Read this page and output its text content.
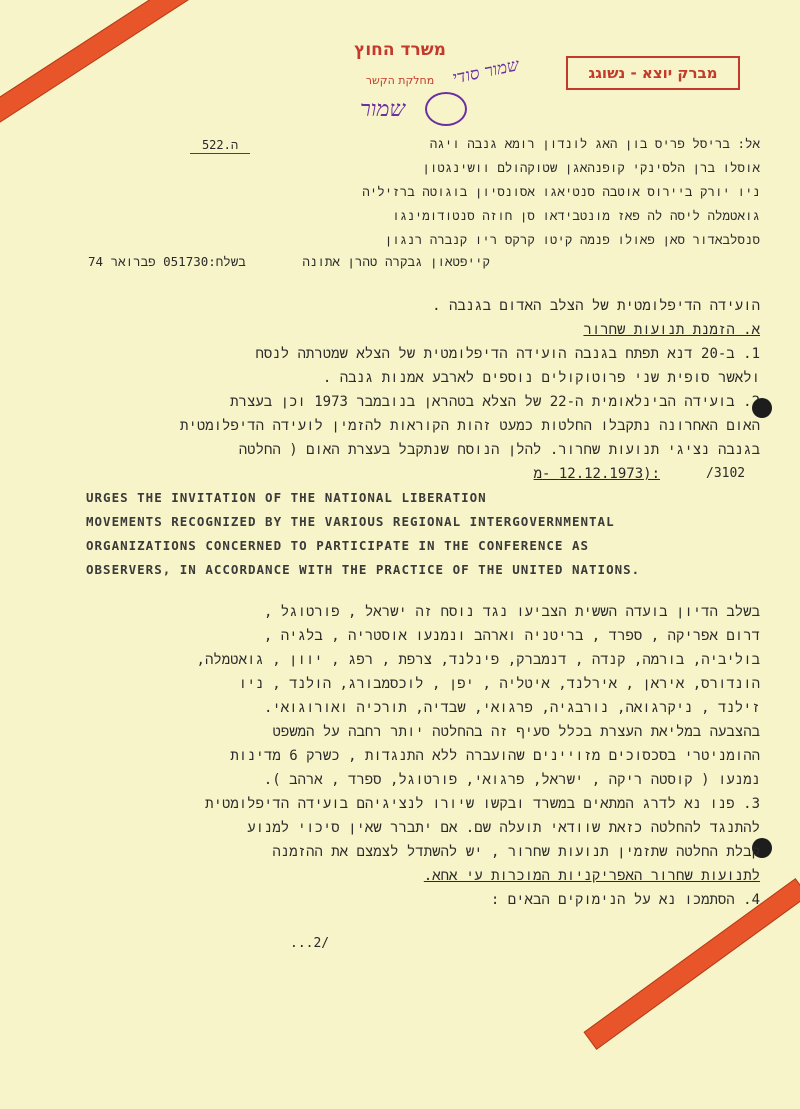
משרד החוץ
מחלקת הקשר	מברק יוצא - נשוגג
שמור סודי
שמור
ה.522	אל: בריסל פריס בון האג לונדון רומא גנבה ויגה
אוסלו ברן הלסינקי קופנהאגן שטוקהולם וושינגטון
ניו יורק ביירוס אוטבה סנטיאגו אסונסיון בוגוטה ברזיליה
גואטמלה ליסה לה פאז מונטבידאו סן חוזה סנטודומינגו
סנסלבאדור סאן פאולו פנמה קיטו קרקס ריו קנברה רנגון
קייפטאון גבקרה טהרן אתונה
בשלח:051730 פברואר 74
הועידה הדיפלומטית של הצלב האדום בגנבה .
א. הזמנת תנועות שחרור
1. ב-20 דנא תפתח בגנבה הועידה הדיפלומטית של הצלא שמטרתה לנסח
ולאשר סופית שני פרוטוקולים נוספים לארבע אמנות גנבה .
. בועידה הבינלאומית ה-22 של הצלא בטהראן בנובמבר 1973 וכן בעצרת
האום האחרונה נתקבלו החלטות כמעט זהות הקוראות להזמין לועידה הדיפלומטית
בגנבה נציגי תנועות שחרור. להלן הנוסח שנתקבל בעצרת האום ( החלטה
:(12.12.1973 -מ	/3102
URGES THE INVITATION OF THE NATIONAL LIBERATION
MOVEMENTS RECOGNIZED BY THE VARIOUS REGIONAL INTERGOVERNMENTAL
ORGANIZATIONS CONCERNED TO PARTICIPATE IN THE CONFERENCE AS
OBSERVERS, IN ACCORDANCE WITH THE PRACTICE OF THE UNITED NATIONS.
בשלב הדיון בועדה הששית הצביעו נגד נוסח זה ישראל , פורטוגל ,
דרום אפריקה , ספרד , בריטניה וארהב ונמנעו אוסטריה , בלגיה ,
בוליביה, בורמה, קנדה , דנמברק, פינלנד, צרפת , רפג , יוון , גואטמלה,
הונדורס, איראן , אירלנד, איטליה , יפן , לוכסמבורג, הולנד , ניו
זילנד , ניקרגואה, נורבגיה, פרגואי, שבדיה, תורכיה ואורוגואי.
בהצבעה במליאת העצרת בכלל סעיף זה בהחלטה יותר רחבה על המשפט
ההומניטרי בסכסוכים מזויינים שהועברה ללא התנגדות , כשרק 6 מדינות
נמנעו ( קוסטה ריקה , ישראל, פרגואי, פורטוגל, ספרד , ארהב ).
3. פנו נא לדרג המתאים במשרד ובקשו שיורו לנציגיהם בועידה הדיפלומטית
להתנגד להחלטה כזאת שוודאי תועלה שם. אם יתברר שאין סיכוי למנוע
קבלת החלטה שתזמין תנועות שחרור , יש להשתדל לצמצם את ההזמנה
לתנועות שחרור האפריקניות המוכרות עי אחא.
4. הסתמכו נא על הנימוקים הבאים :
...2/
